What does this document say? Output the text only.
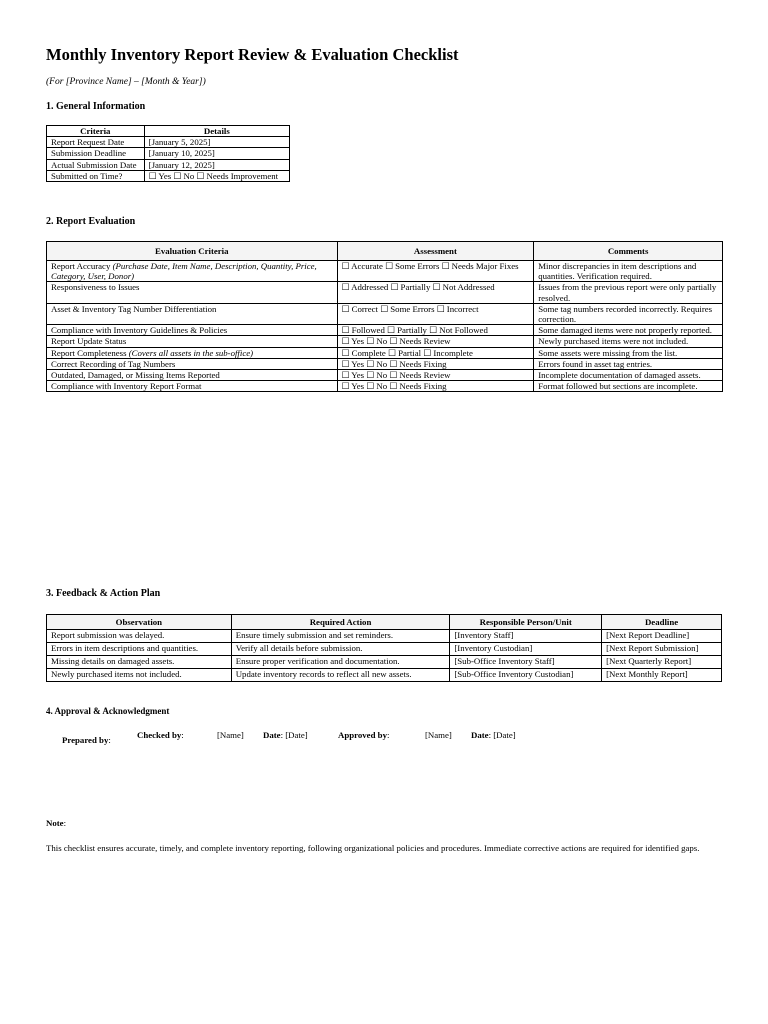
Monthly Inventory Report Review & Evaluation Checklist
(For [Province Name] – [Month & Year])
1. General Information
Criteria	Details
Report Request Date	[January 5, 2025]
Submission Deadline	[January 10, 2025]
Actual Submission Date	[January 12, 2025]
Submitted on Time?	☐ Yes ☐ No ☐ Needs Improvement
2. Report Evaluation
Evaluation Criteria	Assessment	Comments
Report Accuracy (Purchase Date, Item Name, Description, Quantity, Price, Category, User, Donor)	☐ Accurate ☐ Some Errors ☐ Needs Major Fixes	Minor discrepancies in item descriptions and quantities. Verification required.
Responsiveness to Issues	☐ Addressed ☐ Partially ☐ Not Addressed	Issues from the previous report were only partially resolved.
Asset & Inventory Tag Number Differentiation	☐ Correct ☐ Some Errors ☐ Incorrect	Some tag numbers recorded incorrectly. Requires correction.
Compliance with Inventory Guidelines & Policies	☐ Followed ☐ Partially ☐ Not Followed	Some damaged items were not properly reported.
Report Update Status	☐ Yes ☐ No ☐ Needs Review	Newly purchased items were not included.
Report Completeness (Covers all assets in the sub-office)	☐ Complete ☐ Partial ☐ Incomplete	Some assets were missing from the list.
Correct Recording of Tag Numbers	☐ Yes ☐ No ☐ Needs Fixing	Errors found in asset tag entries.
Outdated, Damaged, or Missing Items Reported	☐ Yes ☐ No ☐ Needs Review	Incomplete documentation of damaged assets.
Compliance with Inventory Report Format	☐ Yes ☐ No ☐ Needs Fixing	Format followed but sections are incomplete.
3. Feedback & Action Plan
Observation	Required Action	Responsible Person/Unit	Deadline
Report submission was delayed.	Ensure timely submission and set reminders.	[Inventory Staff]	[Next Report Deadline]
Errors in item descriptions and quantities.	Verify all details before submission.	[Inventory Custodian]	[Next Report Submission]
Missing details on damaged assets.	Ensure proper verification and documentation.	[Sub-Office Inventory Staff]	[Next Quarterly Report]
Newly purchased items not included.	Update inventory records to reflect all new assets.	[Sub-Office Inventory Custodian]	[Next Monthly Report]
4. Approval & Acknowledgment
Prepared by:	Checked by:	[Name] Date: [Date]	Approved by:	[Name] Date: [Date]
Note:
This checklist ensures accurate, timely, and complete inventory reporting, following organizational policies and procedures. Immediate corrective actions are required for identified gaps.
